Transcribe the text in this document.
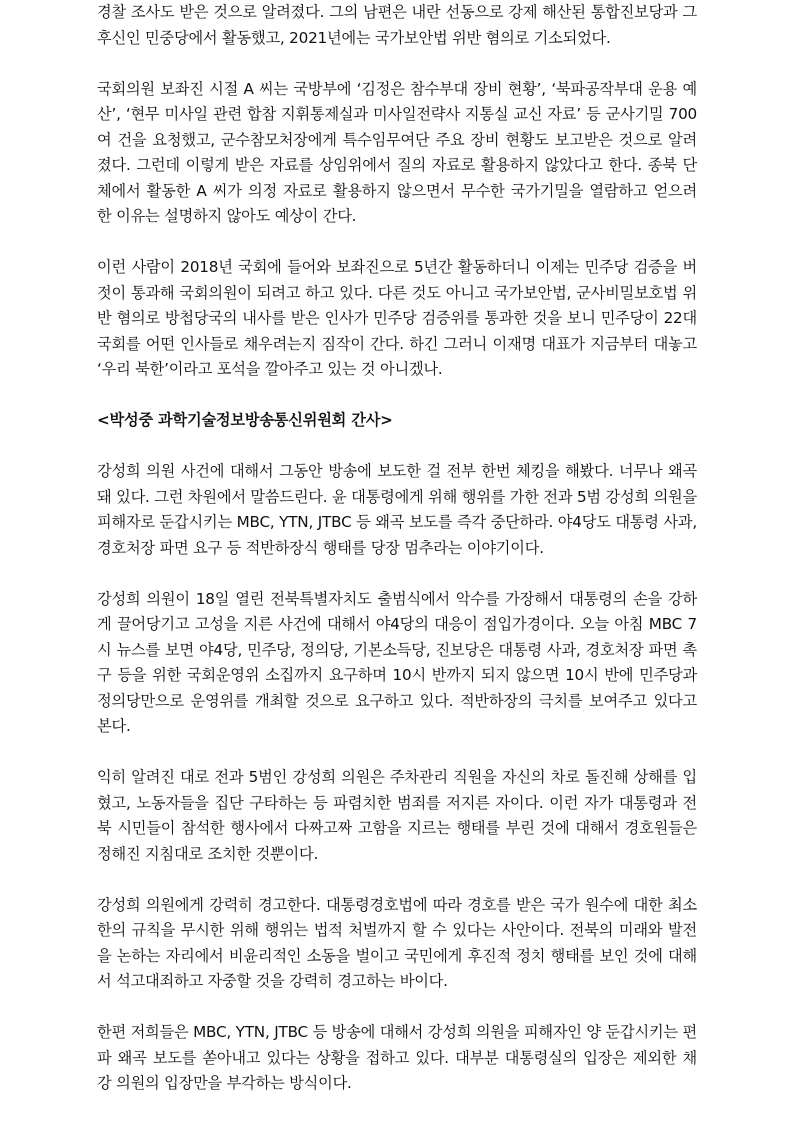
경찰 조사도 받은 것으로 알려졌다. 그의 남편은 내란 선동으로 강제 해산된 통합진보당과 그 후신인 민중당에서 활동했고, 2021년에는 국가보안법 위반 혐의로 기소되었다.

국회의원 보좌진 시절 A 씨는 국방부에 ‘김정은 참수부대 장비 현황’, ‘북파공작부대 운용 예산’, ‘현무 미사일 관련 합참 지휘통제실과 미사일전략사 지통실 교신 자료’ 등 군사기밀 700여 건을 요청했고, 군수참모처장에게 특수임무여단 주요 장비 현황도 보고받은 것으로 알려졌다. 그런데 이렇게 받은 자료를 상임위에서 질의 자료로 활용하지 않았다고 한다. 종북 단체에서 활동한 A 씨가 의정 자료로 활용하지 않으면서 무수한 국가기밀을 열람하고 얻으려 한 이유는 설명하지 않아도 예상이 간다.

이런 사람이 2018년 국회에 들어와 보좌진으로 5년간 활동하더니 이제는 민주당 검증을 버젓이 통과해 국회의원이 되려고 하고 있다. 다른 것도 아니고 국가보안법, 군사비밀보호법 위반 혐의로 방첩당국의 내사를 받은 인사가 민주당 검증위를 통과한 것을 보니 민주당이 22대 국회를 어떤 인사들로 채우려는지 짐작이 간다. 하긴 그러니 이재명 대표가 지금부터 대놓고 ‘우리 북한’이라고 포석을 깔아주고 있는 것 아니겠나.

<박성중 과학기술정보방송통신위원회 간사>

강성희 의원 사건에 대해서 그동안 방송에 보도한 걸 전부 한번 체킹을 해봤다. 너무나 왜곡돼 있다. 그런 차원에서 말씀드린다. 윤 대통령에게 위해 행위를 가한 전과 5범 강성희 의원을 피해자로 둔갑시키는 MBC, YTN, JTBC 등 왜곡 보도를 즉각 중단하라. 야4당도 대통령 사과, 경호처장 파면 요구 등 적반하장식 행태를 당장 멈추라는 이야기이다.

강성희 의원이 18일 열린 전북특별자치도 출범식에서 악수를 가장해서 대통령의 손을 강하게 끌어당기고 고성을 지른 사건에 대해서 야4당의 대응이 점입가경이다. 오늘 아침 MBC 7시 뉴스를 보면 야4당, 민주당, 정의당, 기본소득당, 진보당은 대통령 사과, 경호처장 파면 촉구 등을 위한 국회운영위 소집까지 요구하며 10시 반까지 되지 않으면 10시 반에 민주당과 정의당만으로 운영위를 개최할 것으로 요구하고 있다. 적반하장의 극치를 보여주고 있다고 본다.

익히 알려진 대로 전과 5범인 강성희 의원은 주차관리 직원을 자신의 차로 돌진해 상해를 입혔고, 노동자들을 집단 구타하는 등 파렴치한 범죄를 저지른 자이다. 이런 자가 대통령과 전북 시민들이 참석한 행사에서 다짜고짜 고함을 지르는 행태를 부린 것에 대해서 경호원들은 정해진 지침대로 조치한 것뿐이다.

강성희 의원에게 강력히 경고한다. 대통령경호법에 따라 경호를 받은 국가 원수에 대한 최소한의 규칙을 무시한 위해 행위는 법적 처벌까지 할 수 있다는 사안이다. 전북의 미래와 발전을 논하는 자리에서 비윤리적인 소동을 벌이고 국민에게 후진적 정치 행태를 보인 것에 대해서 석고대죄하고 자중할 것을 강력히 경고하는 바이다.

한편 저희들은 MBC, YTN, JTBC 등 방송에 대해서 강성희 의원을 피해자인 양 둔갑시키는 편파 왜곡 보도를 쏟아내고 있다는 상황을 접하고 있다. 대부분 대통령실의 입장은 제외한 채 강 의원의 입장만을 부각하는 방식이다.
